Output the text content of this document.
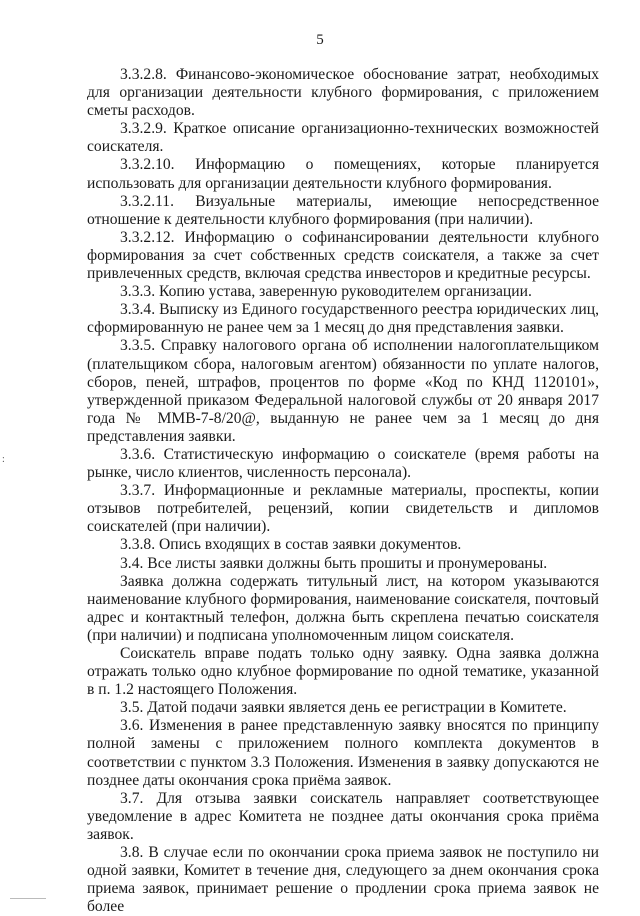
5
:

3.3.2.8. Финансово-экономическое обоснование затрат, необходимых для организации деятельности клубного формирования, с приложением сметы расходов.

3.3.2.9. Краткое описание организационно-технических возможностей соискателя.

3.3.2.10. Информацию о помещениях, которые планируется использовать для организации деятельности клубного формирования.

3.3.2.11. Визуальные материалы, имеющие непосредственное отношение к деятельности клубного формирования (при наличии).

3.3.2.12. Информацию о софинансировании деятельности клубного формирования за счет собственных средств соискателя, а также за счет привлеченных средств, включая средства инвесторов и кредитные ресурсы.

3.3.3. Копию устава, заверенную руководителем организации.

3.3.4. Выписку из Единого государственного реестра юридических лиц, сформированную не ранее чем за 1 месяц до дня представления заявки.

3.3.5. Справку налогового органа об исполнении налогоплательщиком (плательщиком сбора, налоговым агентом) обязанности по уплате налогов, сборов, пеней, штрафов, процентов по форме «Код по КНД 1120101», утвержденной приказом Федеральной налоговой службы от 20 января 2017 года № ММВ-7-8/20@, выданную не ранее чем за 1 месяц до дня представления заявки.

3.3.6. Статистическую информацию о соискателе (время работы на рынке, число клиентов, численность персонала).

3.3.7. Информационные и рекламные материалы, проспекты, копии отзывов потребителей, рецензий, копии свидетельств и дипломов соискателей (при наличии).

3.3.8. Опись входящих в состав заявки документов.

3.4. Все листы заявки должны быть прошиты и пронумерованы.

Заявка должна содержать титульный лист, на котором указываются наименование клубного формирования, наименование соискателя, почтовый адрес и контактный телефон, должна быть скреплена печатью соискателя (при наличии) и подписана уполномоченным лицом соискателя.

Соискатель вправе подать только одну заявку. Одна заявка должна отражать только одно клубное формирование по одной тематике, указанной в п. 1.2 настоящего Положения.

3.5. Датой подачи заявки является день ее регистрации в Комитете.

3.6. Изменения в ранее представленную заявку вносятся по принципу полной замены с приложением полного комплекта документов в соответствии с пунктом 3.3 Положения. Изменения в заявку допускаются не позднее даты окончания срока приёма заявок.

3.7. Для отзыва заявки соискатель направляет соответствующее уведомление в адрес Комитета не позднее даты окончания срока приёма заявок.

3.8. В случае если по окончании срока приема заявок не поступило ни одной заявки, Комитет в течение дня, следующего за днем окончания срока приема заявок, принимает решение о продлении срока приема заявок не более
